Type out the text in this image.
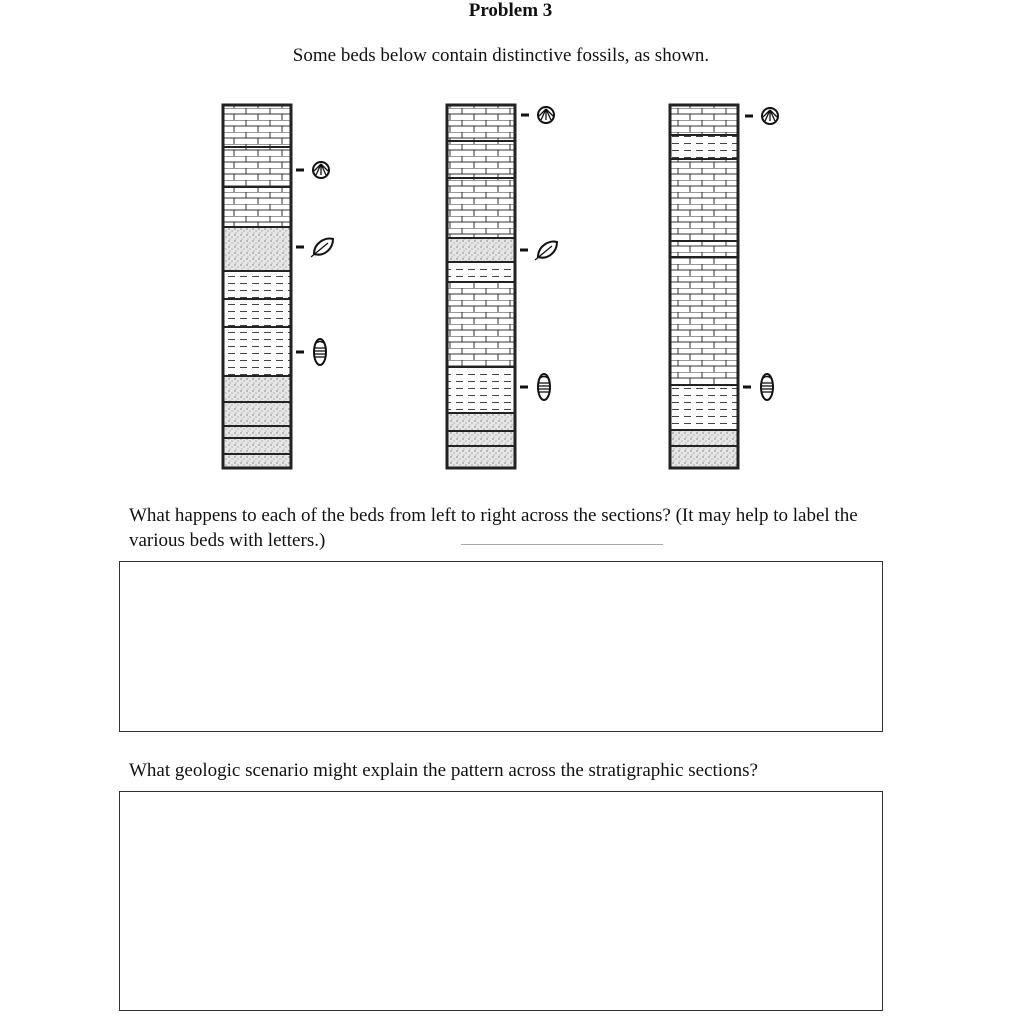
Problem 3
Some beds below contain distinctive fossils, as shown.
What happens to each of the beds from left to right across the sections? (It may help to label the various beds with letters.)
What geologic scenario might explain the pattern across the stratigraphic sections?
